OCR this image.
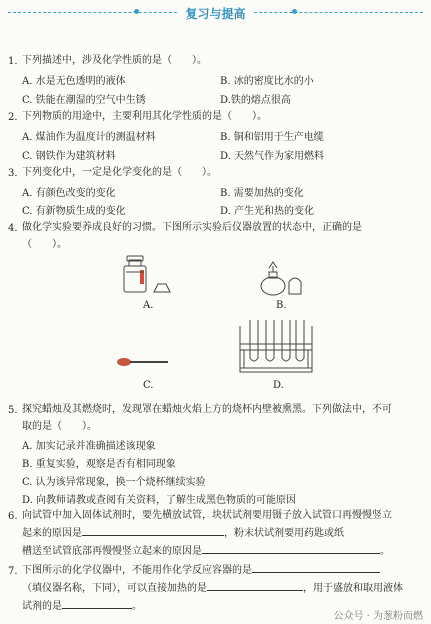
复习与提高
1. 下列描述中，涉及化学性质的是（　　）。
A. 水是无色透明的液体	B. 冰的密度比水的小
C. 铁能在潮湿的空气中生锈	D.铁的熔点很高
2. 下列物质的用途中，主要利用其化学性质的是（　　）。
A. 煤油作为温度计的测温材料	B. 铜和铝用于生产电缆
C. 钢铁作为建筑材料	D. 天然气作为家用燃料
3. 下列变化中，一定是化学变化的是（　　）。
A. 有颜色改变的变化	B. 需要加热的变化
C. 有新物质生成的变化	D. 产生光和热的变化
4. 做化学实验要养成良好的习惯。下图所示实验后仪器放置的状态中，正确的是
（　　）。
A.	B.
C.	D.
5. 探究蜡烛及其燃烧时，发现罩在蜡烛火焰上方的烧杯内壁被熏黑。下列做法中，不可
取的是（　　）。
A. 加实记录并准确描述该现象
B. 重复实验，观察是否有相同现象
C. 认为该异常现象，换一个烧杯继续实验
D. 向教师请教或查阅有关资料，了解生成黑色物质的可能原因
6. 向试管中加入固体试剂时，要先横放试管，块状试剂要用镊子放入试管口再慢慢竖立
起来的原因是	，粉末状试剂要用药匙或纸
槽送至试管底部再慢慢竖立起来的原因是	。
7. 下图所示的化学仪器中，不能用作化学反应容器的是
（填仪器名称，下同），可以直接加热的是	，用于盛放和取用液体
试剂的是	。
公众号 · 为葱粉而燃
